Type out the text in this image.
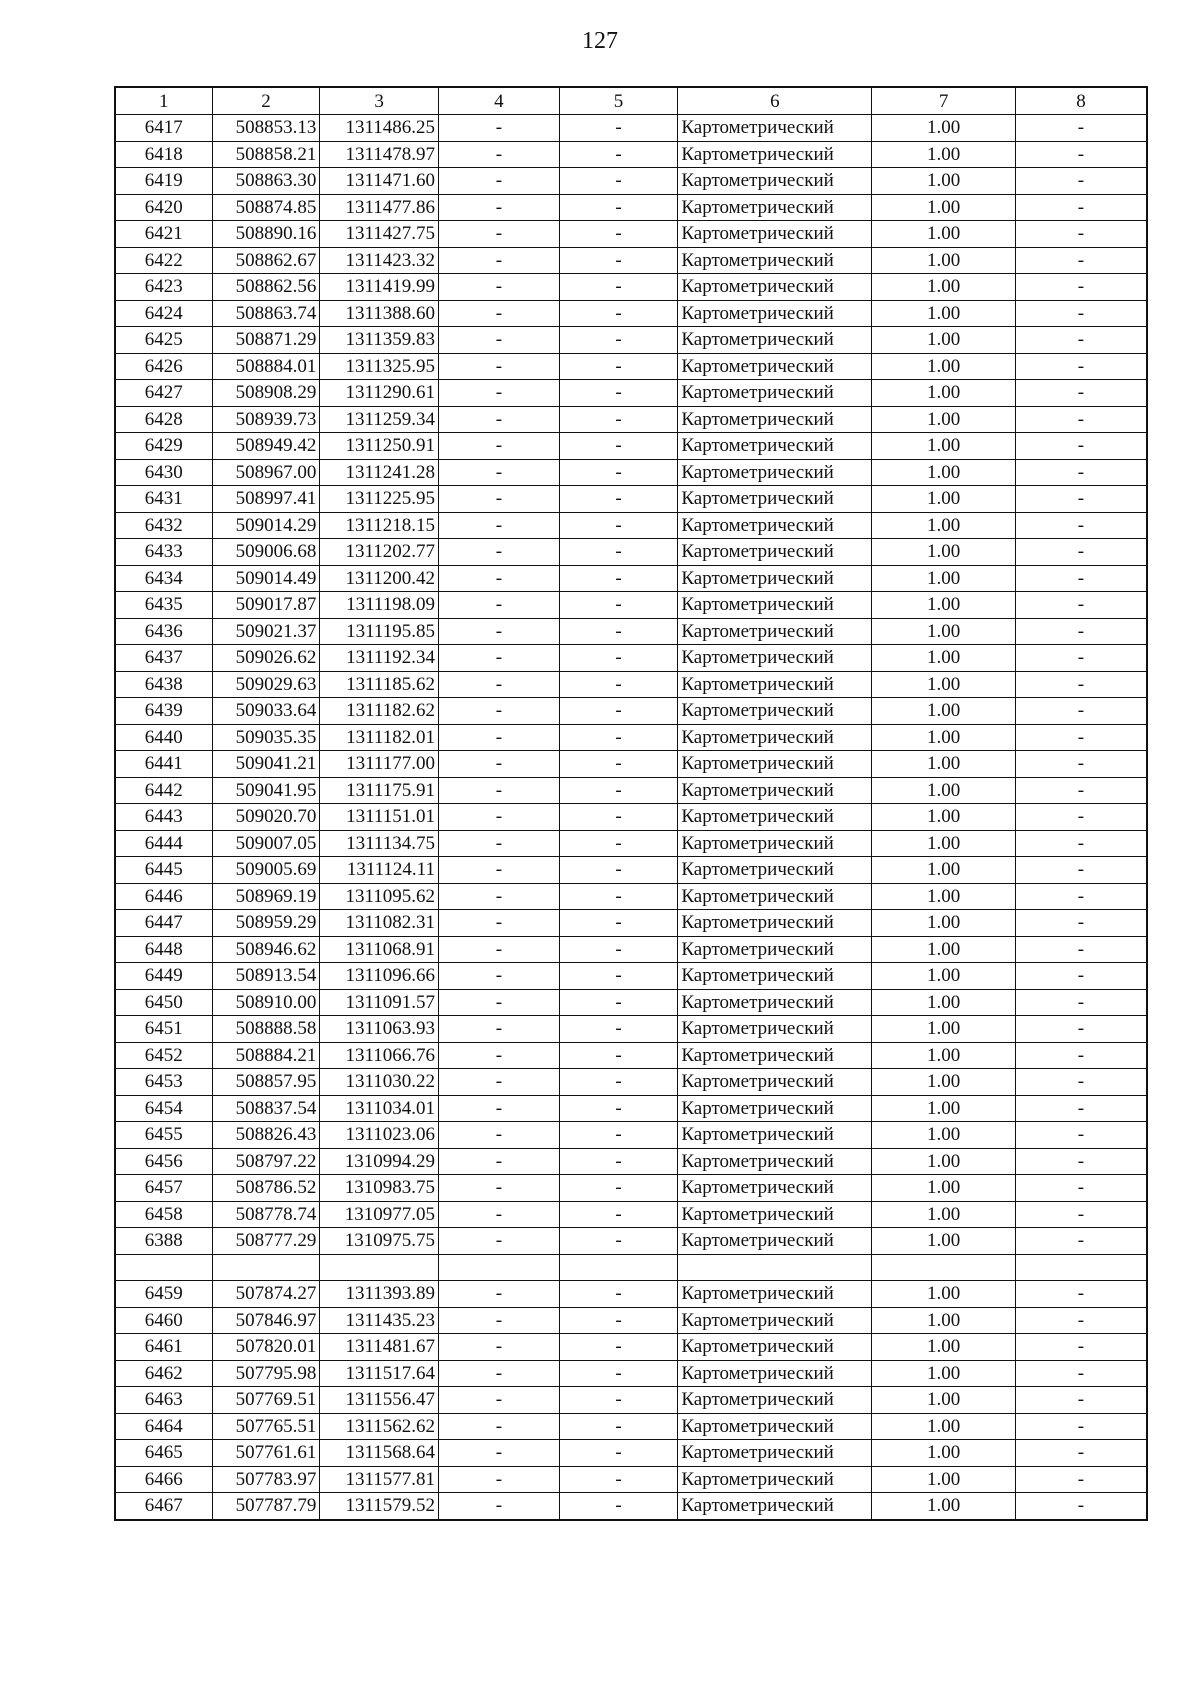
127
1	2	3	4	5	6	7	8
6417	508853.13	1311486.25	-	-	Картометрический	1.00	-
6418	508858.21	1311478.97	-	-	Картометрический	1.00	-
6419	508863.30	1311471.60	-	-	Картометрический	1.00	-
6420	508874.85	1311477.86	-	-	Картометрический	1.00	-
6421	508890.16	1311427.75	-	-	Картометрический	1.00	-
6422	508862.67	1311423.32	-	-	Картометрический	1.00	-
6423	508862.56	1311419.99	-	-	Картометрический	1.00	-
6424	508863.74	1311388.60	-	-	Картометрический	1.00	-
6425	508871.29	1311359.83	-	-	Картометрический	1.00	-
6426	508884.01	1311325.95	-	-	Картометрический	1.00	-
6427	508908.29	1311290.61	-	-	Картометрический	1.00	-
6428	508939.73	1311259.34	-	-	Картометрический	1.00	-
6429	508949.42	1311250.91	-	-	Картометрический	1.00	-
6430	508967.00	1311241.28	-	-	Картометрический	1.00	-
6431	508997.41	1311225.95	-	-	Картометрический	1.00	-
6432	509014.29	1311218.15	-	-	Картометрический	1.00	-
6433	509006.68	1311202.77	-	-	Картометрический	1.00	-
6434	509014.49	1311200.42	-	-	Картометрический	1.00	-
6435	509017.87	1311198.09	-	-	Картометрический	1.00	-
6436	509021.37	1311195.85	-	-	Картометрический	1.00	-
6437	509026.62	1311192.34	-	-	Картометрический	1.00	-
6438	509029.63	1311185.62	-	-	Картометрический	1.00	-
6439	509033.64	1311182.62	-	-	Картометрический	1.00	-
6440	509035.35	1311182.01	-	-	Картометрический	1.00	-
6441	509041.21	1311177.00	-	-	Картометрический	1.00	-
6442	509041.95	1311175.91	-	-	Картометрический	1.00	-
6443	509020.70	1311151.01	-	-	Картометрический	1.00	-
6444	509007.05	1311134.75	-	-	Картометрический	1.00	-
6445	509005.69	1311124.11	-	-	Картометрический	1.00	-
6446	508969.19	1311095.62	-	-	Картометрический	1.00	-
6447	508959.29	1311082.31	-	-	Картометрический	1.00	-
6448	508946.62	1311068.91	-	-	Картометрический	1.00	-
6449	508913.54	1311096.66	-	-	Картометрический	1.00	-
6450	508910.00	1311091.57	-	-	Картометрический	1.00	-
6451	508888.58	1311063.93	-	-	Картометрический	1.00	-
6452	508884.21	1311066.76	-	-	Картометрический	1.00	-
6453	508857.95	1311030.22	-	-	Картометрический	1.00	-
6454	508837.54	1311034.01	-	-	Картометрический	1.00	-
6455	508826.43	1311023.06	-	-	Картометрический	1.00	-
6456	508797.22	1310994.29	-	-	Картометрический	1.00	-
6457	508786.52	1310983.75	-	-	Картометрический	1.00	-
6458	508778.74	1310977.05	-	-	Картометрический	1.00	-
6388	508777.29	1310975.75	-	-	Картометрический	1.00	-

6459	507874.27	1311393.89	-	-	Картометрический	1.00	-
6460	507846.97	1311435.23	-	-	Картометрический	1.00	-
6461	507820.01	1311481.67	-	-	Картометрический	1.00	-
6462	507795.98	1311517.64	-	-	Картометрический	1.00	-
6463	507769.51	1311556.47	-	-	Картометрический	1.00	-
6464	507765.51	1311562.62	-	-	Картометрический	1.00	-
6465	507761.61	1311568.64	-	-	Картометрический	1.00	-
6466	507783.97	1311577.81	-	-	Картометрический	1.00	-
6467	507787.79	1311579.52	-	-	Картометрический	1.00	-
